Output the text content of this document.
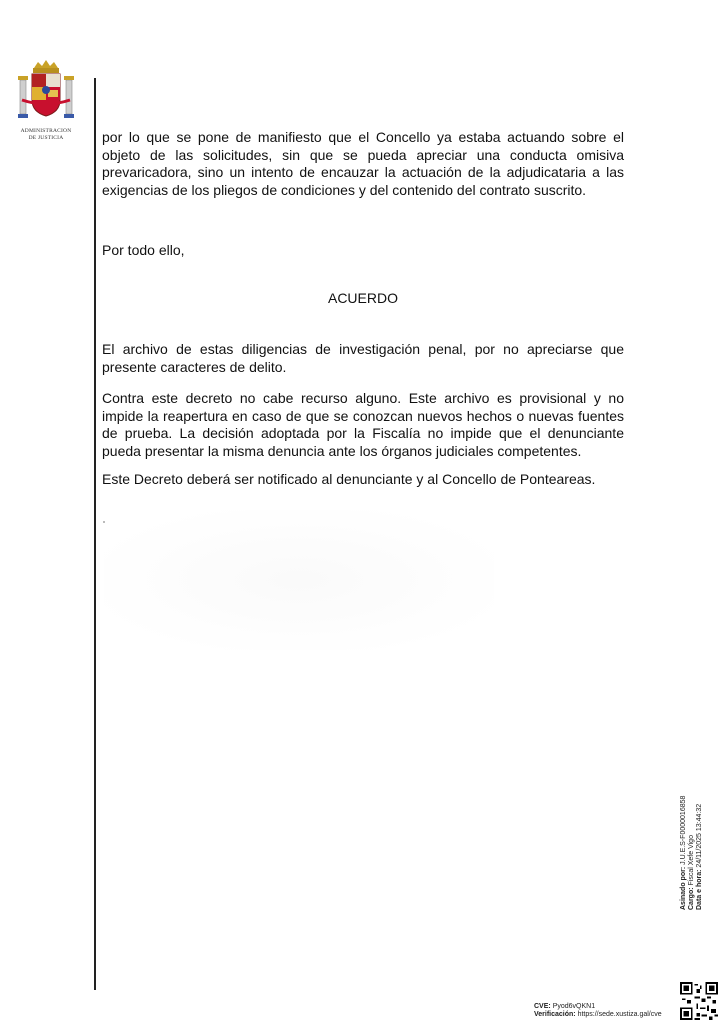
ADMINISTRACION
DE JUSTICIA	por lo que se pone de manifiesto que el Concello ya estaba actuando sobre el objeto de las solicitudes, sin que se pueda apreciar una conducta omisiva prevaricadora, sino un intento de encauzar la actuación de la adjudicataria a las exigencias de los pliegos de condiciones y del contenido del contrato suscrito.

Por todo ello,

ACUERDO

El archivo de estas diligencias de investigación penal, por no apreciarse que presente caracteres de delito.

Contra este decreto no cabe recurso alguno. Este archivo es provisional y no impide la reapertura en caso de que se conozcan nuevos hechos o nuevas fuentes de prueba. La decisión adoptada por la Fiscalía no impide que el denunciante pueda presentar la misma denuncia ante los órganos judiciales competentes.

Este Decreto deberá ser notificado al denunciante y al Concello de Ponteareas.

Asinado por: J.U.E.S-F0000016858
Cargo: Fiscal Xefe Vigo
Data e hora: 24/11/2025 13:44:32
CVE: Pyod6vQKN1
Verificación: https://sede.xustiza.gal/cve
